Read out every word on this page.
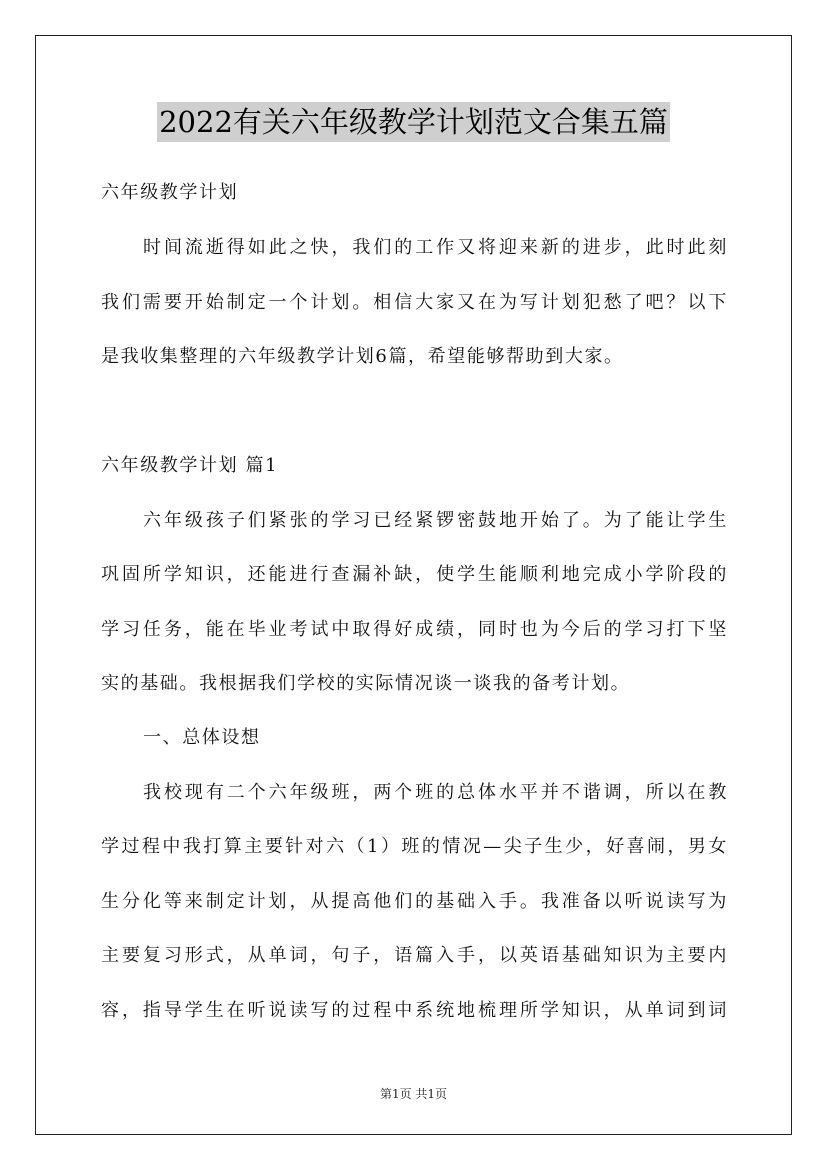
2022有关六年级教学计划范文合集五篇
六年级教学计划
时间流逝得如此之快，我们的工作又将迎来新的进步，此时此刻
我们需要开始制定一个计划。相信大家又在为写计划犯愁了吧？以下
是我收集整理的六年级教学计划6篇，希望能够帮助到大家。
六年级教学计划 篇1
六年级孩子们紧张的学习已经紧锣密鼓地开始了。为了能让学生
巩固所学知识，还能进行查漏补缺，使学生能顺利地完成小学阶段的
学习任务，能在毕业考试中取得好成绩，同时也为今后的学习打下坚
实的基础。我根据我们学校的实际情况谈一谈我的备考计划。
一、总体设想
我校现有二个六年级班，两个班的总体水平并不谐调，所以在教
学过程中我打算主要针对六（1）班的情况—尖子生少，好喜闹，男女
生分化等来制定计划，从提高他们的基础入手。我准备以听说读写为
主要复习形式，从单词，句子，语篇入手，以英语基础知识为主要内
容，指导学生在听说读写的过程中系统地梳理所学知识，从单词到词
第1页 共1页
